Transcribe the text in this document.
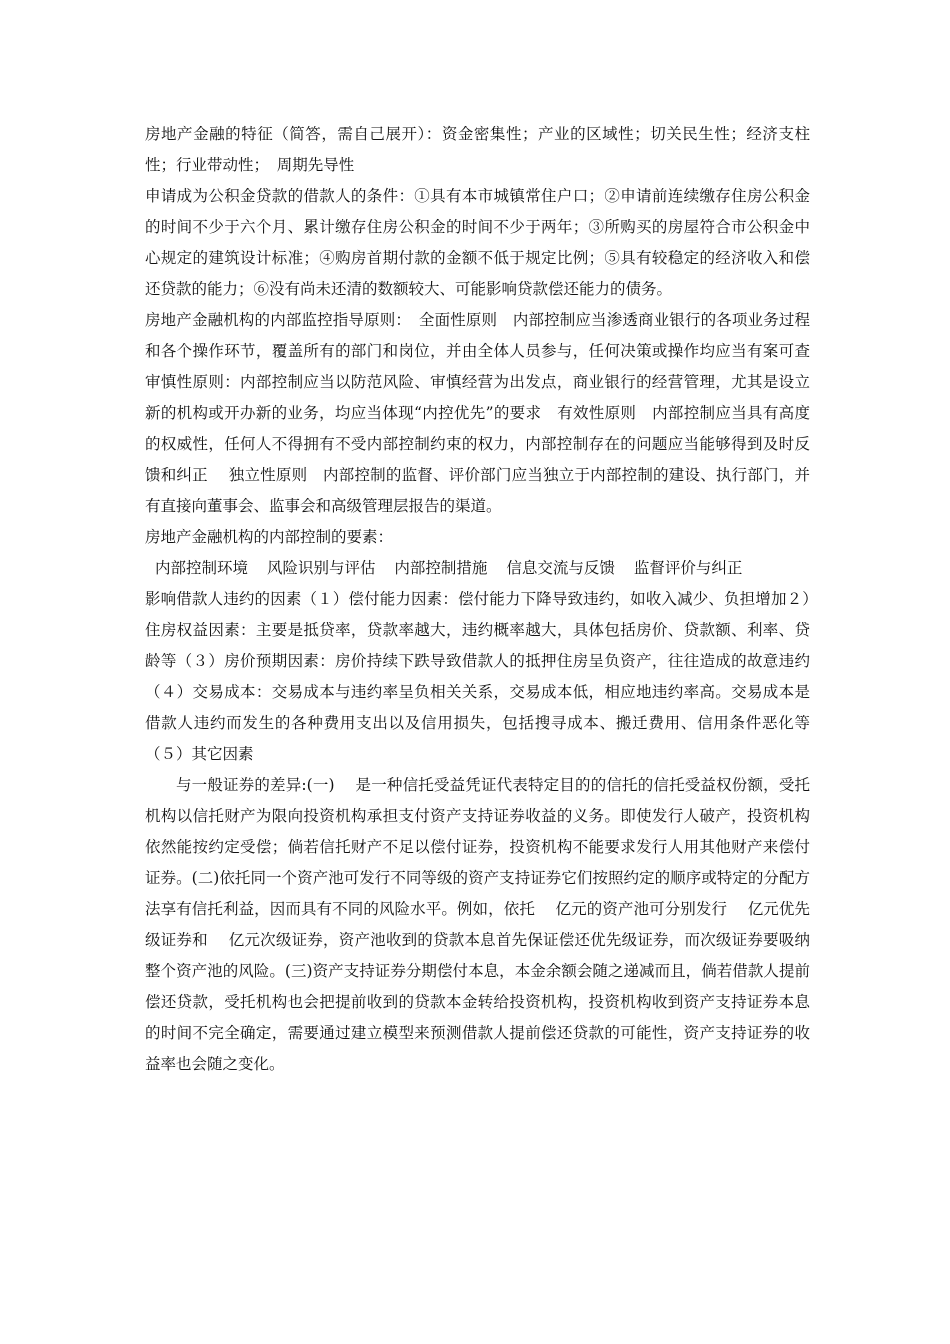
房地产金融的特征（简答，需自己展开）：资金密集性；产业的区域性；切关民生性；经济支柱性；行业带动性；　周期先导性

申请成为公积金贷款的借款人的条件：①具有本市城镇常住户口；②申请前连续缴存住房公积金的时间不少于六个月、累计缴存住房公积金的时间不少于两年；③所购买的房屋符合市公积金中心规定的建筑设计标准；④购房首期付款的金额不低于规定比例；⑤具有较稳定的经济收入和偿还贷款的能力；⑥没有尚未还清的数额较大、可能影响贷款偿还能力的债务。

房地产金融机构的内部监控指导原则：　全面性原则　内部控制应当渗透商业银行的各项业务过程和各个操作环节，覆盖所有的部门和岗位，并由全体人员参与，任何决策或操作均应当有案可查　 审慎性原则：内部控制应当以防范风险、审慎经营为出发点，商业银行的经营管理，尤其是设立新的机构或开办新的业务，均应当体现“内控优先”的要求　有效性原则　内部控制应当具有高度的权威性，任何人不得拥有不受内部控制约束的权力，内部控制存在的问题应当能够得到及时反馈和纠正　 独立性原则　内部控制的监督、评价部门应当独立于内部控制的建设、执行部门，并有直接向董事会、监事会和高级管理层报告的渠道。

房地产金融机构的内部控制的要素：

内部控制环境 风险识别与评估 内部控制措施 信息交流与反馈 监督评价与纠正

影响借款人违约的因素（１）偿付能力因素：偿付能力下降导致违约，如收入减少、负担增加２）住房权益因素：主要是抵贷率，贷款率越大，违约概率越大，具体包括房价、贷款额、利率、贷龄等（３）房价预期因素：房价持续下跌导致借款人的抵押住房呈负资产，往往造成的故意违约（４）交易成本：交易成本与违约率呈负相关关系，交易成本低，相应地违约率高。交易成本是借款人违约而发生的各种费用支出以及信用损失，包括搜寻成本、搬迁费用、信用条件恶化等（５）其它因素

与一般证券的差异:(一)　 是一种信托受益凭证代表特定目的的信托的信托受益权份额，受托机构以信托财产为限向投资机构承担支付资产支持证券收益的义务。即使发行人破产，投资机构依然能按约定受偿；倘若信托财产不足以偿付证券，投资机构不能要求发行人用其他财产来偿付证券。(二)依托同一个资产池可发行不同等级的资产支持证券它们按照约定的顺序或特定的分配方法享有信托利益，因而具有不同的风险水平。例如，依托　 亿元的资产池可分别发行　 亿元优先级证券和　 亿元次级证券，资产池收到的贷款本息首先保证偿还优先级证券，而次级证券要吸纳整个资产池的风险。(三)资产支持证券分期偿付本息，本金余额会随之递减而且，倘若借款人提前偿还贷款，受托机构也会把提前收到的贷款本金转给投资机构，投资机构收到资产支持证券本息的时间不完全确定，需要通过建立模型来预测借款人提前偿还贷款的可能性，资产支持证券的收益率也会随之变化。
